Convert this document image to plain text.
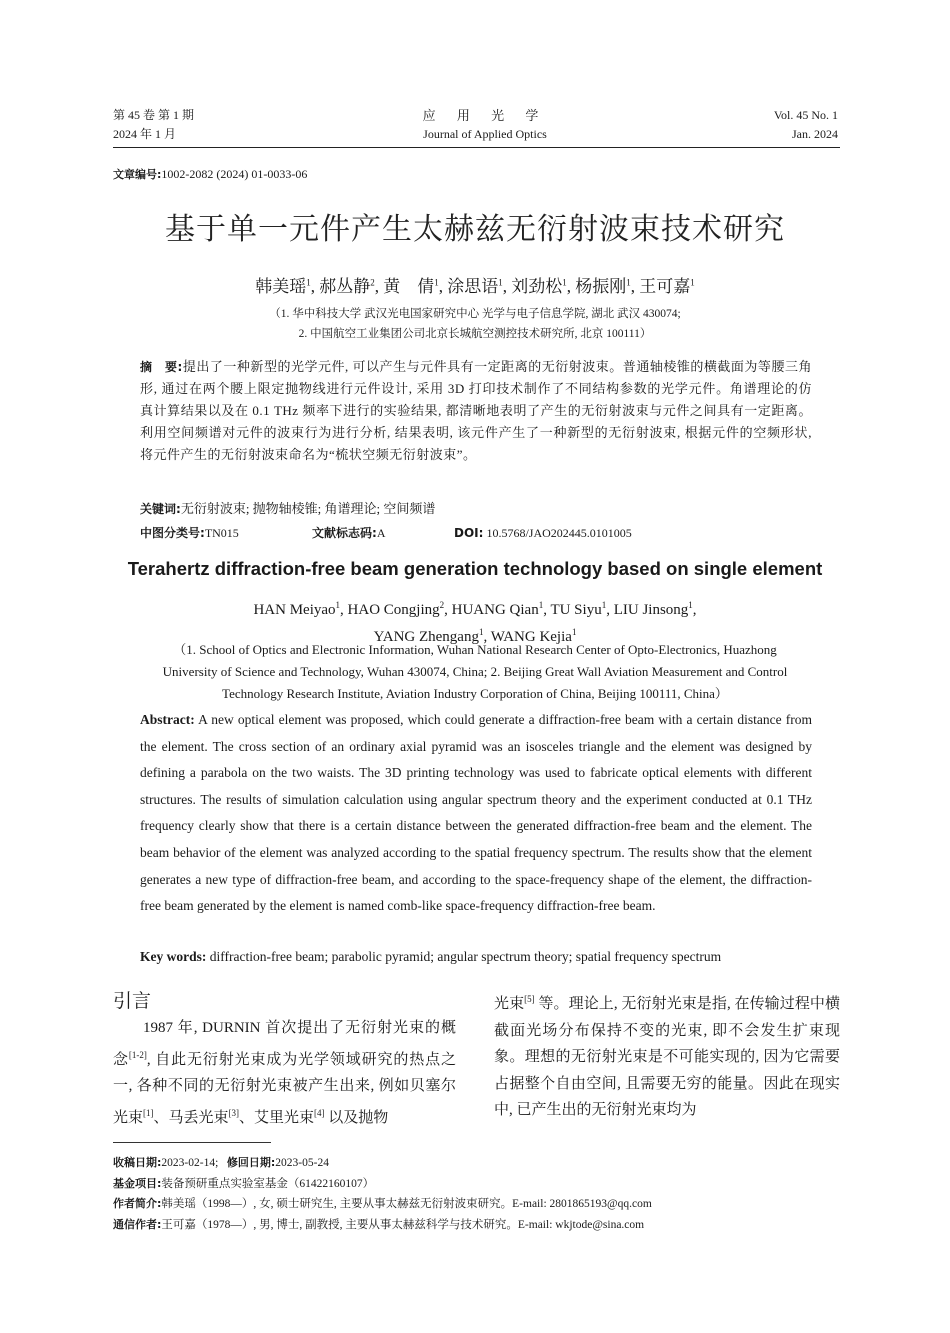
第 45 卷 第 1 期
2024 年 1 月
应 用 光 学
Journal of Applied Optics
Vol. 45 No. 1
Jan. 2024
文章编号:1002-2082 (2024) 01-0033-06
基于单一元件产生太赫兹无衍射波束技术研究
韩美瑶$^1$, 郝丛静$^2$, 黄　倩$^1$, 涂思语$^1$, 刘劲松$^1$, 杨振刚$^1$, 王可嘉$^1$
（1. 华中科技大学 武汉光电国家研究中心 光学与电子信息学院, 湖北 武汉 430074;
2. 中国航空工业集团公司北京长城航空测控技术研究所, 北京 100111）
摘　要:提出了一种新型的光学元件, 可以产生与元件具有一定距离的无衍射波束。普通轴棱锥的横截面为等腰三角形, 通过在两个腰上限定抛物线进行元件设计, 采用 3D 打印技术制作了不同结构参数的光学元件。角谱理论的仿真计算结果以及在 0.1 THz 频率下进行的实验结果, 都清晰地表明了产生的无衍射波束与元件之间具有一定距离。利用空间频谱对元件的波束行为进行分析, 结果表明, 该元件产生了一种新型的无衍射波束, 根据元件的空频形状, 将元件产生的无衍射波束命名为“梳状空频无衍射波束”。
关键词:无衍射波束; 抛物轴棱锥; 角谱理论; 空间频谱
中图分类号:TN015	文献标志码:A	DOI: 10.5768/JAO202445.0101005
Terahertz diffraction-free beam generation technology based on single element
HAN Meiyao$^1$, HAO Congjing$^2$, HUANG Qian$^1$, TU Siyu$^1$, LIU Jinsong$^1$,
YANG Zhengang$^1$, WANG Kejia$^1$
（1. School of Optics and Electronic Information, Wuhan National Research Center of Opto-Electronics, Huazhong University of Science and Technology, Wuhan 430074, China; 2. Beijing Great Wall Aviation Measurement and Control Technology Research Institute, Aviation Industry Corporation of China, Beijing 100111, China）
Abstract: A new optical element was proposed, which could generate a diffraction-free beam with a certain distance from the element. The cross section of an ordinary axial pyramid was an isosceles triangle and the element was designed by defining a parabola on the two waists. The 3D printing technology was used to fabricate optical elements with different structures. The results of simulation calculation using angular spectrum theory and the experiment conducted at 0.1 THz frequency clearly show that there is a certain distance between the generated diffraction-free beam and the element. The beam behavior of the element was analyzed according to the spatial frequency spectrum. The results show that the element generates a new type of diffraction-free beam, and according to the space-frequency shape of the element, the diffraction-free beam generated by the element is named comb-like space-frequency diffraction-free beam.
Key words: diffraction-free beam; parabolic pyramid; angular spectrum theory; spatial frequency spectrum
引言

1987 年, DURNIN 首次提出了无衍射光束的概念[1-2], 自此无衍射光束成为光学领域研究的热点之一, 各种不同的无衍射光束被产生出来, 例如贝塞尔光束[1]、马丢光束[3]、艾里光束[4] 以及抛物

光束[5] 等。理论上, 无衍射光束是指, 在传输过程中横截面光场分布保持不变的光束, 即不会发生扩束现象。理想的无衍射光束是不可能实现的, 因为它需要占据整个自由空间, 且需要无穷的能量。因此在现实中, 已产生出的无衍射光束均为

收稿日期:2023-02-14; 修回日期:2023-05-24
基金项目:装备预研重点实验室基金（61422160107）
作者简介:韩美瑶（1998—）, 女, 硕士研究生, 主要从事太赫兹无衍射波束研究。E-mail: 2801865193@qq.com
通信作者:王可嘉（1978—）, 男, 博士, 副教授, 主要从事太赫兹科学与技术研究。E-mail: wkjtode@sina.com
